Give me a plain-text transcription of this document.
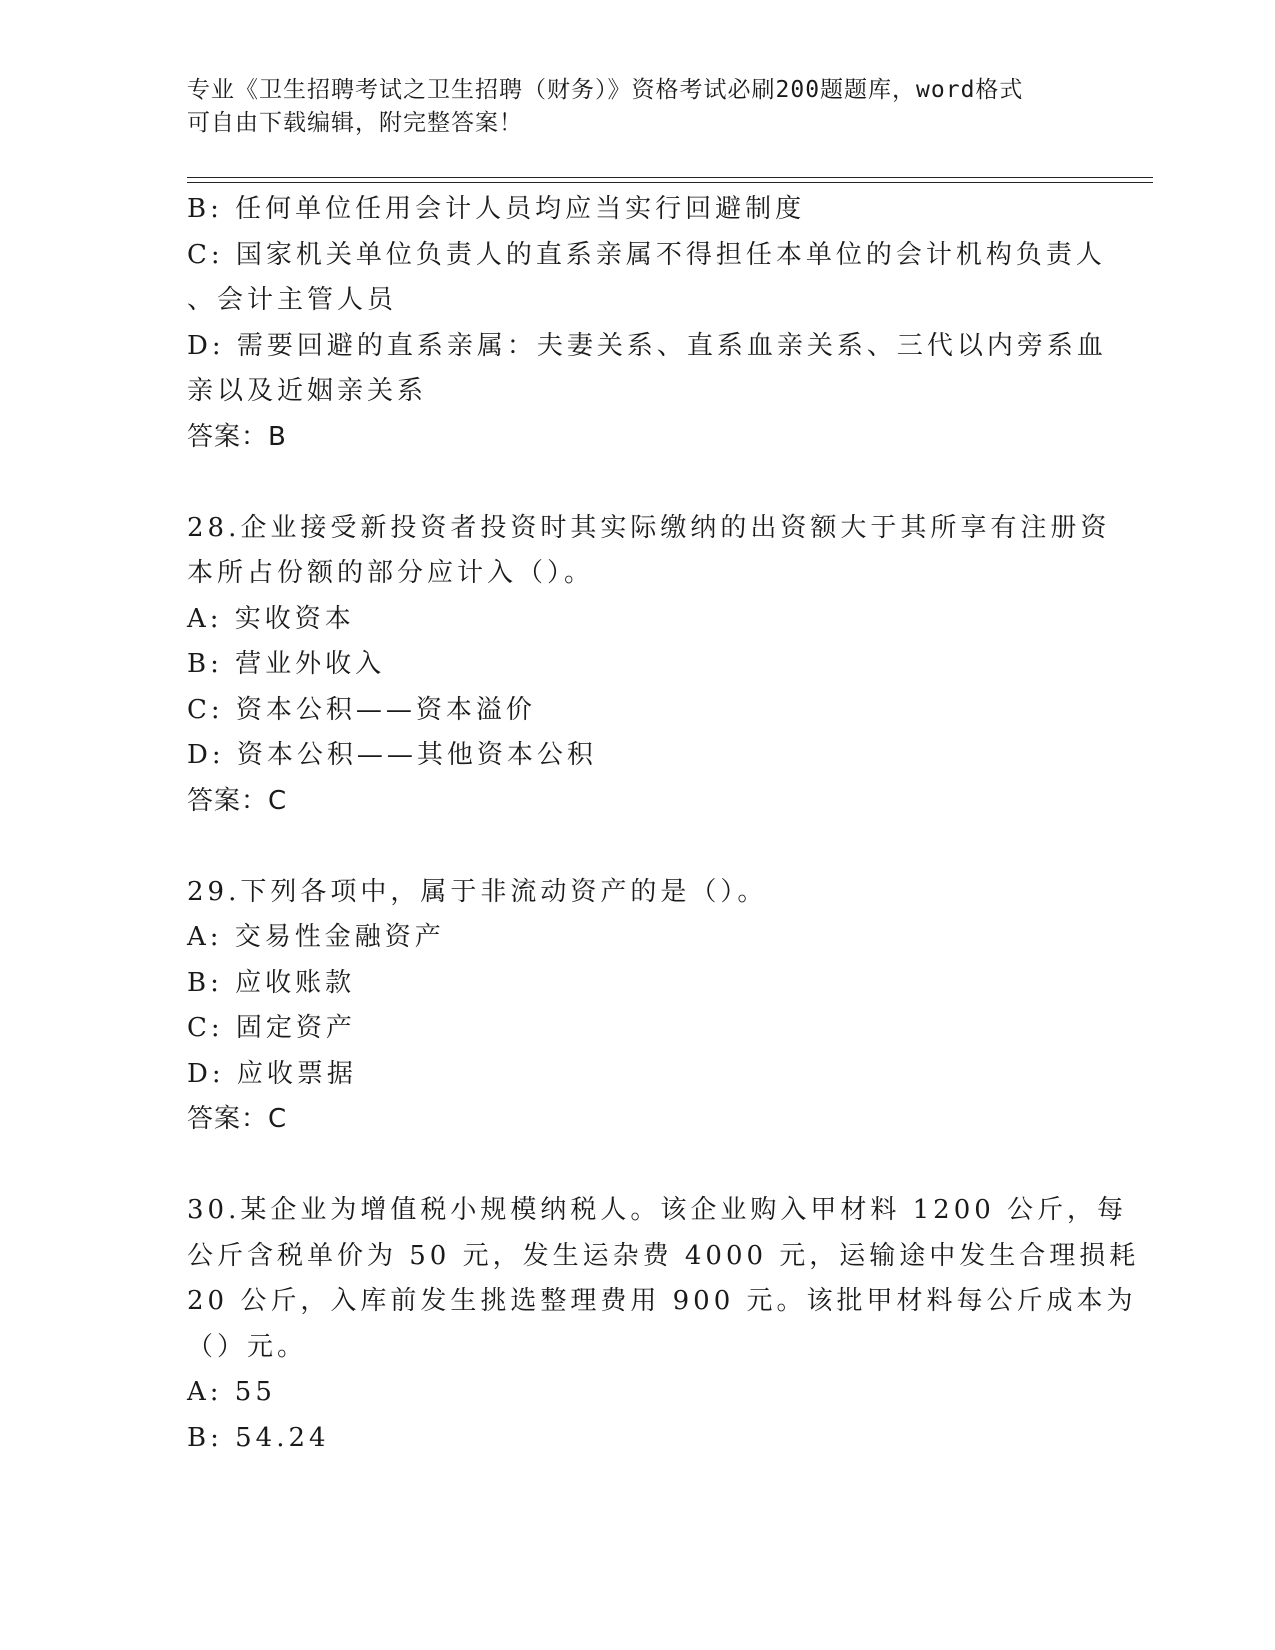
专业《卫生招聘考试之卫生招聘（财务）》资格考试必刷200题题库，word格式
可自由下载编辑，附完整答案！
B: 任何单位任用会计人员均应当实行回避制度
C: 国家机关单位负责人的直系亲属不得担任本单位的会计机构负责人
、会计主管人员
D: 需要回避的直系亲属：夫妻关系、直系血亲关系、三代以内旁系血
亲以及近姻亲关系
答案：B
28.企业接受新投资者投资时其实际缴纳的出资额大于其所享有注册资
本所占份额的部分应计入（）。
A: 实收资本
B: 营业外收入
C: 资本公积——资本溢价
D: 资本公积——其他资本公积
答案：C
29.下列各项中，属于非流动资产的是（）。
A: 交易性金融资产
B: 应收账款
C: 固定资产
D: 应收票据
答案：C
30.某企业为增值税小规模纳税人。该企业购入甲材料 1200 公斤，每
公斤含税单价为 50 元，发生运杂费 4000 元，运输途中发生合理损耗
20 公斤，入库前发生挑选整理费用 900 元。该批甲材料每公斤成本为
（）元。
A: 55
B: 54.24
